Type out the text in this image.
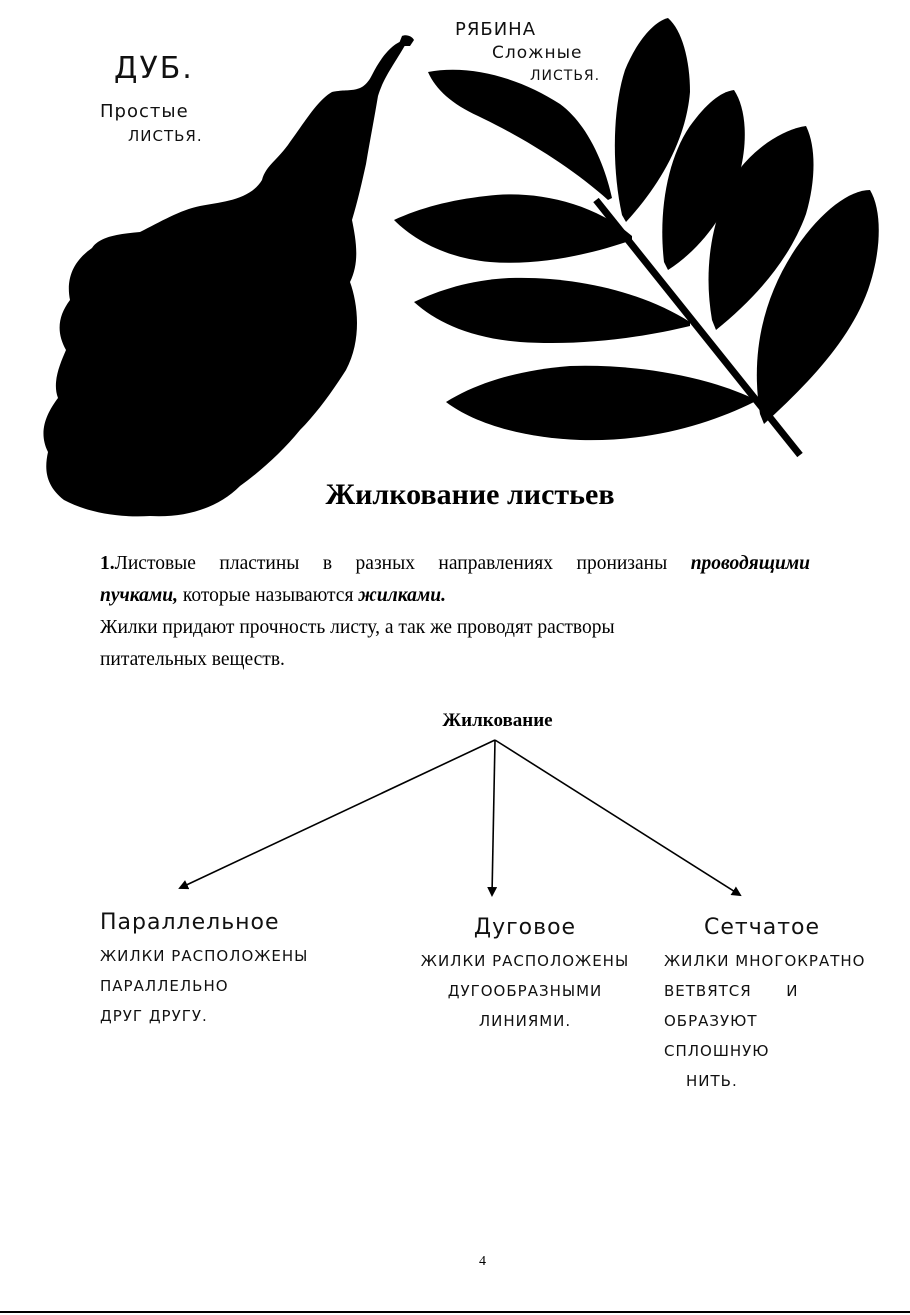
ДУБ.
Простые
ЛИСТЬЯ.
РЯБИНА
Сложные
ЛИСТЬЯ.
Жилкование листьев

1.Листовые пластины в разных направлениях пронизаны проводящими

пучками, которые называются жилками.

Жилки придают прочность листу, а так же проводят растворы

питательных веществ.

Жилкование
Параллельное
ЖИЛКИ РАСПОЛОЖЕНЫ
ПАРАЛЛЕЛЬНО
ДРУГ ДРУГУ.
Дуговое
ЖИЛКИ РАСПОЛОЖЕНЫ
ДУГООБРАЗНЫМИ
ЛИНИЯМИ.
Сетчатое
ЖИЛКИ МНОГОКРАТНО
ВЕТВЯТСЯ      И
ОБРАЗУЮТ
СПЛОШНУЮ
НИТЬ.
4
